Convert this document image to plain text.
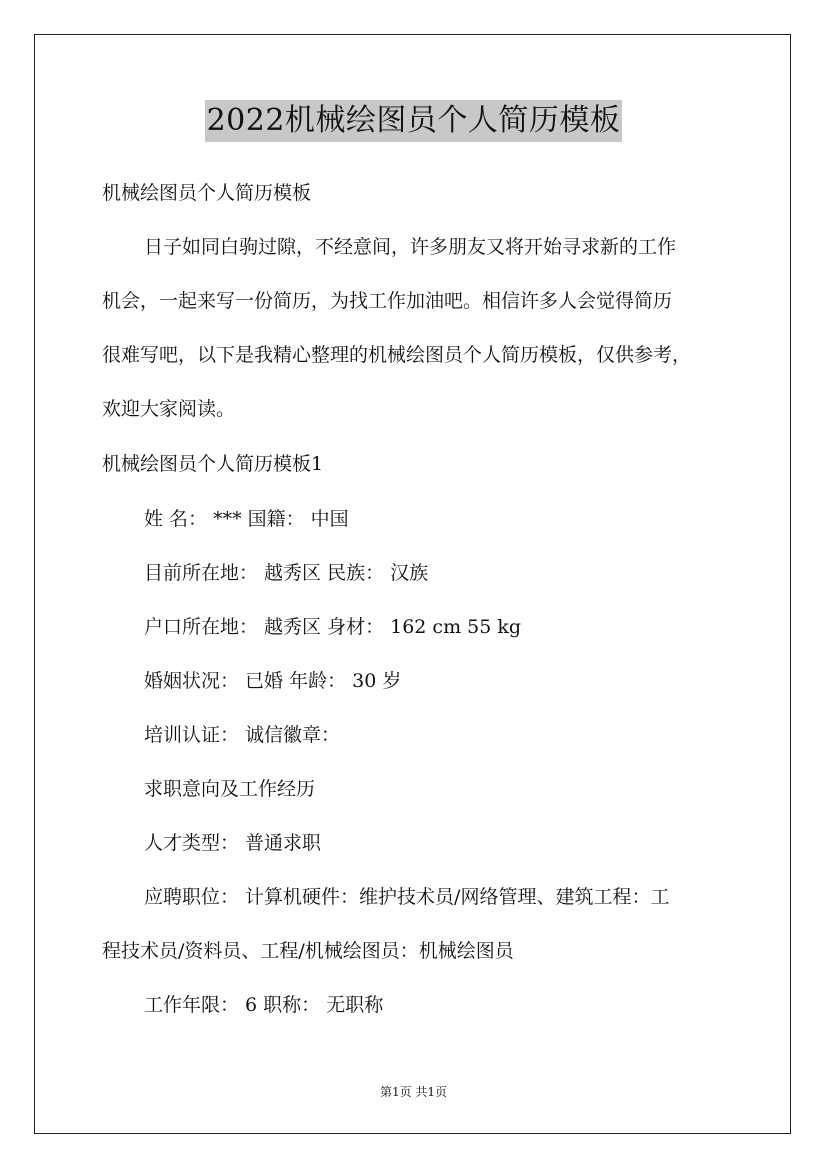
2022机械绘图员个人简历模板
机械绘图员个人简历模板
日子如同白驹过隙，不经意间，许多朋友又将开始寻求新的工作
机会，一起来写一份简历，为找工作加油吧。相信许多人会觉得简历
很难写吧，以下是我精心整理的机械绘图员个人简历模板，仅供参考，
欢迎大家阅读。
机械绘图员个人简历模板1
姓 名： *** 国籍： 中国
目前所在地： 越秀区 民族： 汉族
户口所在地： 越秀区 身材： 162 cm 55 kg
婚姻状况： 已婚 年龄： 30 岁
培训认证： 诚信徽章：
求职意向及工作经历
人才类型： 普通求职
应聘职位： 计算机硬件：维护技术员/网络管理、建筑工程：工
程技术员/资料员、工程/机械绘图员：机械绘图员
工作年限： 6 职称： 无职称
第1页 共1页
